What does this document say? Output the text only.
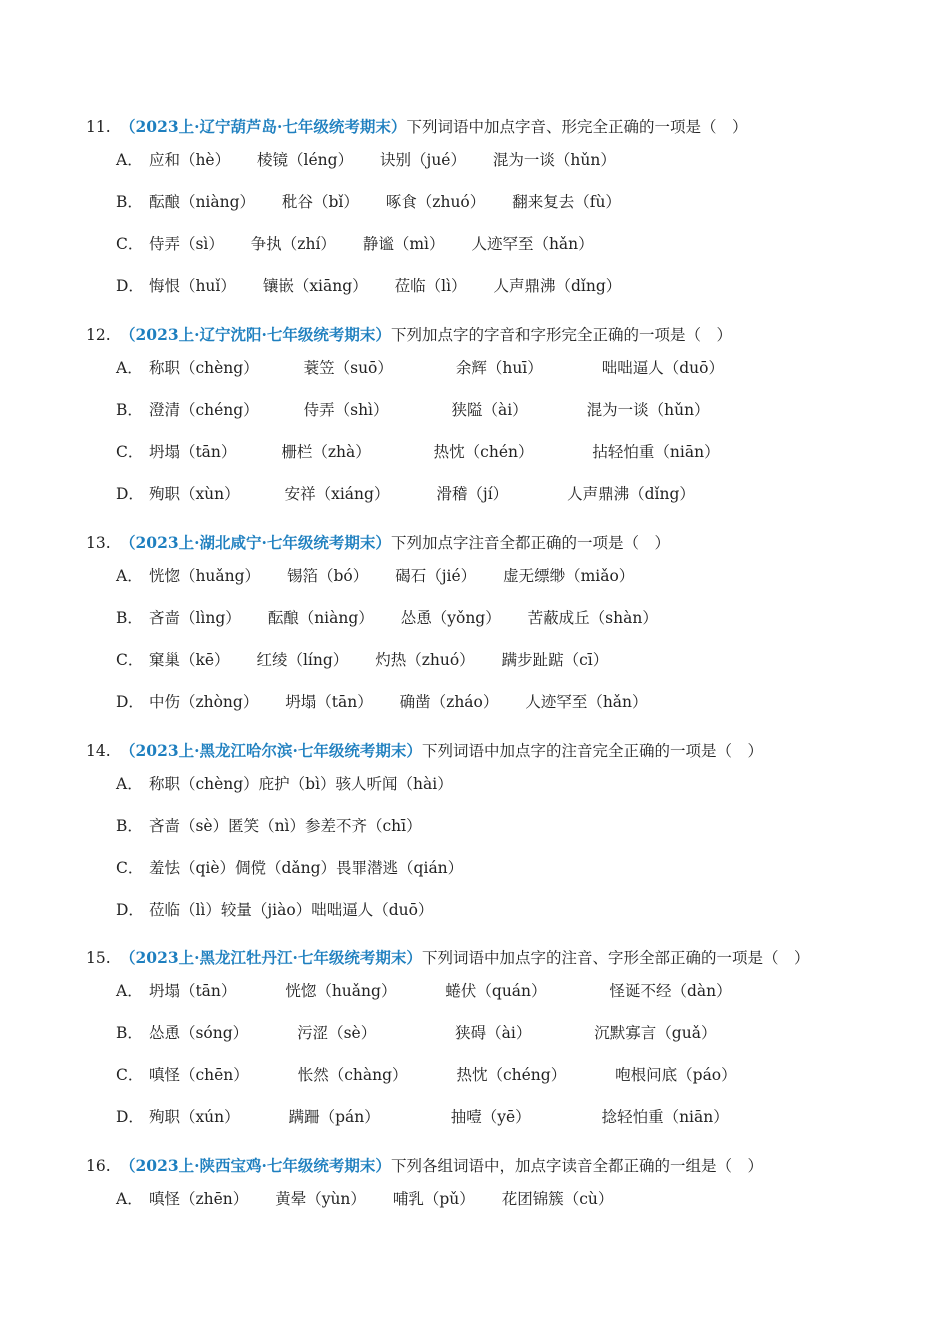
11. （2023上·辽宁葫芦岛·七年级统考期末）下列词语中加点字音、形完全正确的一项是（　）
A． 应和（hè） 棱镜（léng） 诀别（jué） 混为一谈（hǔn）
B． 酝酿（niàng） 秕谷（bǐ） 啄食（zhuó） 翻来复去（fù）
C． 侍弄（sì） 争执（zhí） 静谧（mì） 人迹罕至（hǎn）
D． 悔恨（huǐ） 镶嵌（xiāng） 莅临（lì） 人声鼎沸（dǐng）
12. （2023上·辽宁沈阳·七年级统考期末）下列加点字的字音和字形完全正确的一项是（　）
A． 称职（chèng）	蓑笠（suō）	余辉（huī）	咄咄逼人（duō）
B． 澄清（chéng）	侍弄（shì）	狭隘（ài）	混为一谈（hǔn）
C． 坍塌（tān）	栅栏（zhà）	热忱（chén）	拈轻怕重（niān）
D． 殉职（xùn）	安祥（xiáng）	滑稽（jí）	人声鼎沸（dǐng）
13. （2023上·湖北咸宁·七年级统考期末）下列加点字注音全都正确的一项是（　）
A． 恍惚（huǎng） 锡箔（bó） 碣石（jié） 虚无缥缈（miǎo）
B． 吝啬（lìng） 酝酿（niàng） 怂恿（yǒng） 苦蔽成丘（shàn）
C． 窠巢（kē） 红绫（líng） 灼热（zhuó） 蹒步趾踮（cī）
D． 中伤（zhòng） 坍塌（tān） 确凿（zháo） 人迹罕至（hǎn）
14. （2023上·黑龙江哈尔滨·七年级统考期末）下列词语中加点字的注音完全正确的一项是（　）
A． 称职（chèng）庇护（bì）骇人听闻（hài）
B． 吝啬（sè）匿笑（nì）参差不齐（chī）
C． 羞怯（qiè）倜傥（dǎng）畏罪潜逃（qián）
D． 莅临（lì）较量（jiào）咄咄逼人（duō）
15. （2023上·黑龙江牡丹江·七年级统考期末）下列词语中加点字的注音、字形全部正确的一项是（　）
A． 坍塌（tān）	恍惚（huǎng）	蜷伏（quán）	怪诞不经（dàn）
B． 怂恿（sóng）	污涩（sè）	狭碍（ài）	沉默寡言（guǎ）
C． 嗔怪（chēn）	怅然（chàng）	热忱（chéng）	咆根问底（páo）
D． 殉职（xún）	蹒跚（pán）	抽噎（yē）	捻轻怕重（niān）
16. （2023上·陕西宝鸡·七年级统考期末）下列各组词语中，加点字读音全都正确的一组是（　）
A． 嗔怪（zhēn） 黄晕（yùn） 哺乳（pǔ） 花团锦簇（cù）
